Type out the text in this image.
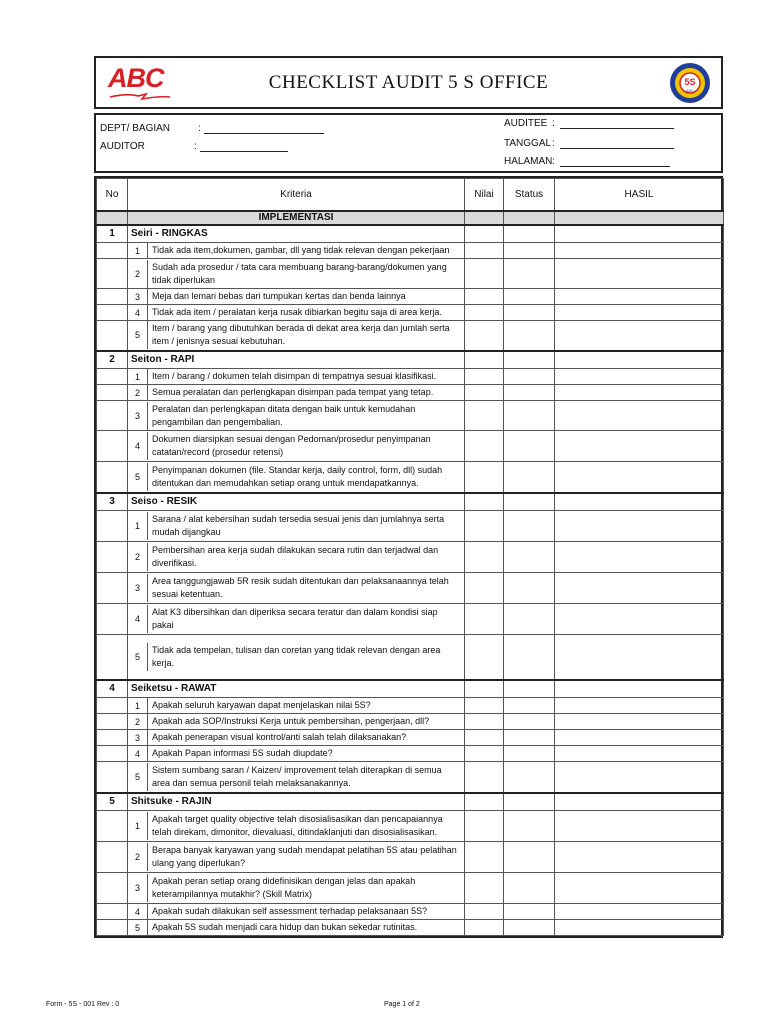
ABC	CHECKLIST AUDIT 5 S OFFICE	5S
ABC
DEPT/ BAGIAN	:
AUDITOR	:
AUDITEE :
TANGGAL :
HALAMAN :
No	Kriteria	Nilai	Status	HASIL
	IMPLEMENTASI			
1	Seiri - RINGKAS			

1 Tidak ada item,dokumen, gambar, dll yang tidak relevan dengan pekerjaan			

2
Sudah ada prosedur / tata cara membuang barang-barang/dokumen yang tidak diperlukan			

3 Meja dan lemari bebas dari tumpukan kertas dan benda lainnya			

4 Tidak ada item / peralatan kerja rusak dibiarkan begitu saja di area kerja.			

5
Item / barang yang dibutuhkan berada di dekat area kerja dan jumlah serta item / jenisnya sesuai kebutuhan.			

2	Seiton - RAPI			

1 Item / barang / dokumen telah disimpan di tempatnya sesuai klasifikasi.			

2 Semua peralatan dan perlengkapan disimpan pada tempat yang tetap.			

3
Peralatan dan perlengkapan ditata dengan baik untuk kemudahan pengambilan dan pengembalian.			

4
Dokumen diarsipkan sesuai dengan Pedoman/prosedur penyimpanan catatan/record (prosedur retensi)			

5
Penyimpanan dokumen (file. Standar kerja, daily control, form, dll) sudah ditentukan dan memudahkan setiap orang untuk mendapatkannya.			

3	Seiso - RESIK			

1
Sarana / alat kebersihan sudah tersedia sesuai jenis dan jumlahnya serta mudah dijangkau			

2
Pembersihan area kerja sudah dilakukan secara rutin dan terjadwal dan diverifikasi.			

3
Area tanggungjawab 5R resik sudah ditentukan dan pelaksanaannya telah sesuai ketentuan.			

4
Alat K3 dibersihkan dan diperiksa secara teratur dan dalam kondisi siap pakai			

5
Tidak ada tempelan, tulisan dan coretan yang tidak relevan dengan area kerja.			

4	Seiketsu - RAWAT			

1 Apakah seluruh karyawan dapat menjelaskan nilai 5S?			

2 Apakah ada SOP/Instruksi Kerja untuk pembersihan, pengerjaan, dll?			

3 Apakah penerapan visual kontrol/anti salah telah dilaksanakan?			

4 Apakah Papan informasi 5S sudah diupdate?			

5
Sistem sumbang saran / Kaizen/ improvement telah diterapkan di semua area dan semua personil telah melaksanakannya.			

5	Shitsuke - RAJIN			

1
Apakah target quality objective telah disosialisasikan dan pencapaiannya telah direkam, dimonitor, dievaluasi, ditindaklanjuti dan disosialisasikan.			

2
Berapa banyak karyawan yang sudah mendapat pelatihan 5S atau pelatihan ulang yang diperlukan?			

3
Apakah peran setiap orang didefinisikan dengan jelas dan apakah keterampilannya mutakhir? (Skill Matrix)			

4 Apakah sudah dilakukan self assessment terhadap pelaksanaan 5S?			

5 Apakah 5S sudah menjadi cara hidup dan bukan sekedar rutinitas.			

Form - 5S - 001 Rev : 0	Page 1 of 2
